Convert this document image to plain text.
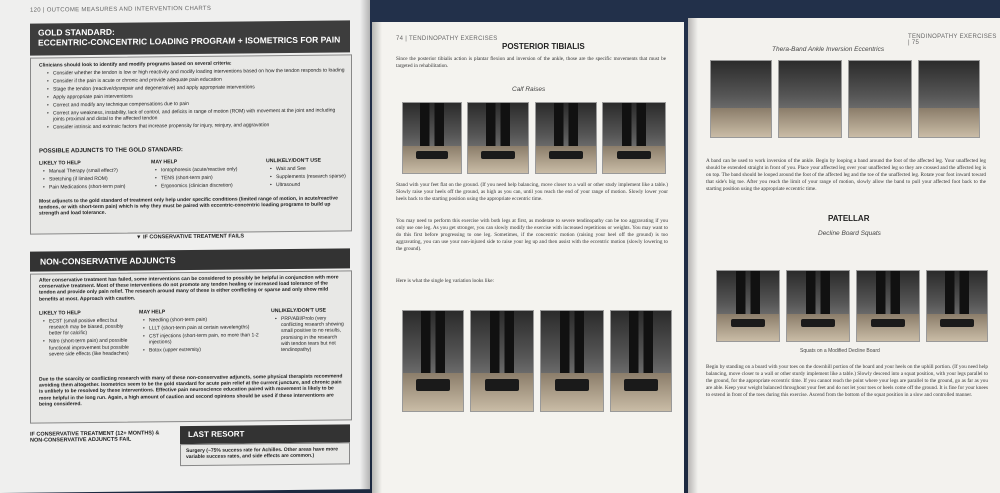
120 | OUTCOME MEASURES AND INTERVENTION CHARTS
GOLD STANDARD:
ECCENTRIC-CONCENTRIC LOADING PROGRAM + ISOMETRICS FOR PAIN
Clinicians should look to identify and modify programs based on several criteria:
• Consider whether the tendon is low or high reactivity and modify loading interventions based on how the tendon responds to loading
• Consider if the pain is acute or chronic and provide adequate pain education
• Stage the tendon (reactive/dysrepair and degenerative) and apply appropriate interventions
• Apply appropriate pain interventions
• Correct and modify any technique compensations due to pain
• Correct any weakness, instability, lack of control, and deficits in range of motion (ROM) with movement at the joint and including joints proximal and distal to the affected tendon
• Consider intrinsic and extrinsic factors that increase propensity for injury, reinjury, and aggravation
POSSIBLE ADJUNCTS TO THE GOLD STANDARD:
LIKELY TO HELP
• Manual Therapy (small effect?)
• Stretching (if limited ROM)
• Pain Medications (short-term pain)
MAY HELP
• Iontophoresis (acute/reactive only)
• TENS (short-term pain)
• Ergonomics (clinician discretion)
UNLIKELY/DON'T USE
• Wait and See
• Supplements (research sparse)
• Ultrasound
Most adjuncts to the gold standard of treatment only help under specific conditions (limited range of motion, in acute/reactive tendons, or with short-term pain) which is why they must be paired with eccentric-concentric loading programs to build up strength and load tolerance.
▼ IF CONSERVATIVE TREATMENT FAILS
NON-CONSERVATIVE ADJUNCTS
After conservative treatment has failed, some interventions can be considered to possibly be helpful in conjunction with more conservative treatment. Most of these interventions do not promote any tendon healing or increased load tolerance of the tendon and provide only pain relief. The research around many of these is either conflicting or sparse and only show mild benefits at most. Approach with caution.
LIKELY TO HELP
• ECST (small positive effect but research may be biased, possibly better for calcific)
• Nitro (short-term pain) and possible functional improvement but possible severe side effects (like headaches)
MAY HELP
• Needling (short-term pain)
• LLLT (short-term pain at certain wavelengths)
• CST injections (short-term pain, no more than 1-2 injections)
• Botox (upper extremity)
UNLIKELY/DON'T USE
• PRP/ABI/Prolo (very conflicting research showing small positive to no results, promising in the research with tendon tears but not tendinopathy)
Due to the scarcity or conflicting research with many of these non-conservative adjuncts, some physical therapists recommend avoiding them altogether. Isometrics seem to be the gold standard for acute pain relief at the current juncture, and chronic pain is unlikely to be resolved by these interventions. Effective pain neuroscience education paired with movement is likely to be more helpful in the long run. Again, a high amount of caution and second opinions should be used if these interventions are being considered.
IF CONSERVATIVE TREATMENT (12+ MONTHS) &
NON-CONSERVATIVE ADJUNCTS FAIL
LAST RESORT
Surgery (~75% success rate for Achilles. Other areas have more variable success rates, and side effects are common.)
74 | TENDINOPATHY EXERCISES
POSTERIOR TIBIALIS
Since the posterior tibialis action is plantar flexion and inversion of the ankle, those are the specific movements that must be targeted in rehabilitation.
Calf Raises
Stand with your feet flat on the ground. (If you need help balancing, move closer to a wall or other study implement like a table.) Slowly raise your heels off the ground, as high as you can, until you reach the end of your range of motion. Slowly lower your heels back to the starting position using the appropriate eccentric time.
You may need to perform this exercise with both legs at first, as moderate to severe tendinopathy can be too aggravating if you only use one leg. As you get stronger, you can slowly modify the exercise with increased repetitions or weights. You may want to do this first before progressing to one leg. Sometimes, if the concentric motion (raising your heel off the ground) is too aggravating, you can use your non-injured side to raise your leg up and then assist with the eccentric motion (slowly lowering to the ground).
Here is what the single leg variation looks like:
TENDINOPATHY EXERCISES | 75
Thera-Band Ankle Inversion Eccentrics
A band can be used to work inversion of the ankle. Begin by looping a band around the foot of the affected leg. Your unaffected leg should be extended straight in front of you. Place your affected leg over your unaffected leg so they are crossed and the affected leg is on top. The band should be looped around the foot of the affected leg and the toe of the unaffected leg. Rotate your foot inward toward that side's big toe. After you reach the limit of your range of motion, slowly allow the band to pull your affected foot back to the starting position using the appropriate eccentric time.
PATELLAR
Decline Board Squats
Squats on a Modified Decline Board
Begin by standing on a board with your toes on the downhill portion of the board and your heels on the uphill portion. (If you need help balancing, move closer to a wall or other sturdy implement like a table.) Slowly descend into a squat position, with your legs parallel to the ground, for the appropriate eccentric time. If you cannot reach the point where your legs are parallel to the ground, go as far as you are able. Keep your weight balanced throughout your feet and do not let your toes or heels come off the ground. It is fine for your knees to extend in front of the toes during this exercise. Ascend from the bottom of the squat position in a slow and controlled manner.
